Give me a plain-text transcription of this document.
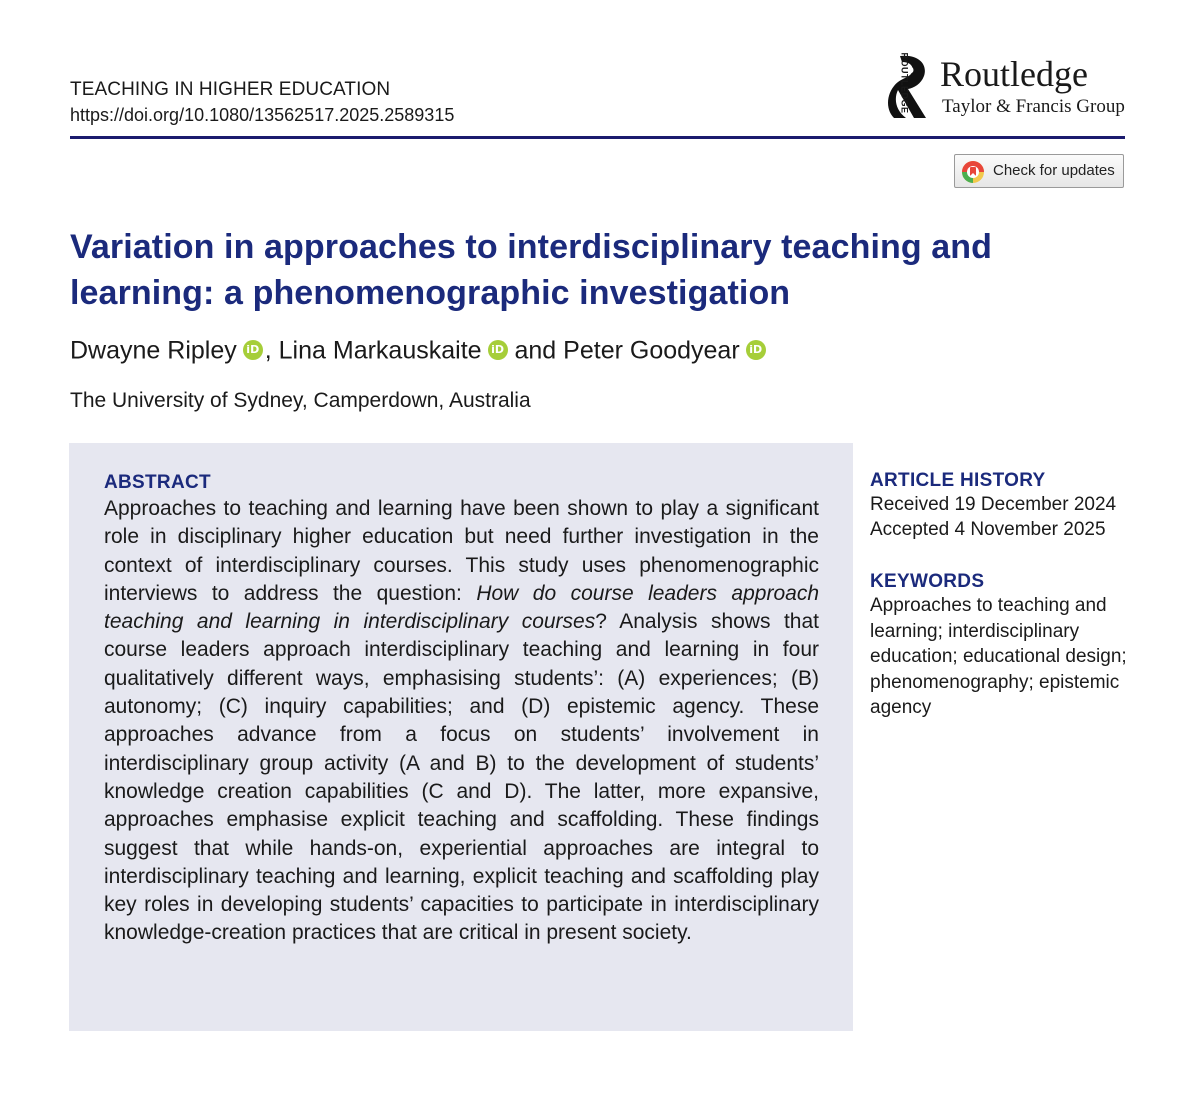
TEACHING IN HIGHER EDUCATION
https://doi.org/10.1080/13562517.2025.2589315
ROUTLEDGE Routledge
Taylor & Francis Group
Check for updates
Variation in approaches to interdisciplinary teaching and learning: a phenomenographic investigation
Dwayne Ripley iD , Lina Markauskaite iD and Peter Goodyear iD
The University of Sydney, Camperdown, Australia
ABSTRACT

Approaches to teaching and learning have been shown to play a significant role in disciplinary higher education but need further investigation in the context of interdisciplinary courses. This study uses phenomenographic interviews to address the question: How do course leaders approach teaching and learning in interdisciplinary courses? Analysis shows that course leaders approach interdisciplinary teaching and learning in four qualitatively different ways, emphasising students’: (A) experiences; (B) autonomy; (C) inquiry capabilities; and (D) epistemic agency. These approaches advance from a focus on students’ involvement in interdisciplinary group activity (A and B) to the development of students’ knowledge creation capabilities (C and D). The latter, more expansive, approaches emphasise explicit teaching and scaffolding. These findings suggest that while hands-on, experiential approaches are integral to interdisciplinary teaching and learning, explicit teaching and scaffolding play key roles in developing students’ capacities to participate in interdisciplinary knowledge-creation practices that are critical in present society.

ARTICLE HISTORY
Received 19 December 2024
Accepted 4 November 2025
KEYWORDS
Approaches to teaching and learning; interdisciplinary education; educational design; phenomenography; epistemic agency
